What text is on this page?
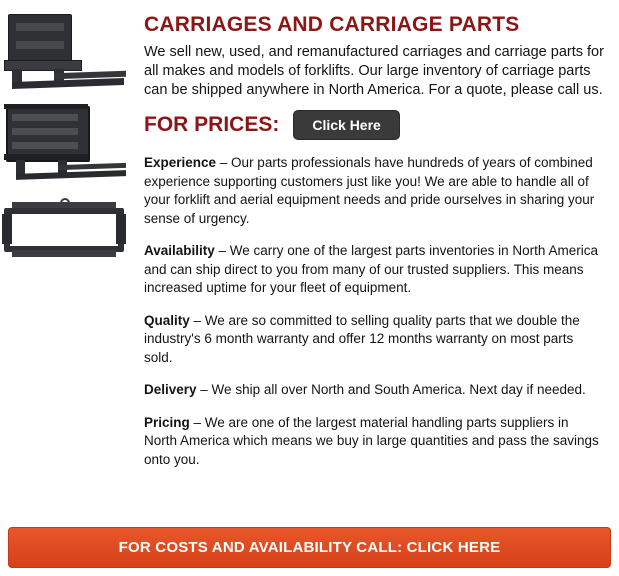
CARRIAGES AND CARRIAGE PARTS

We sell new, used, and remanufactured carriages and carriage parts for all makes and models of forklifts. Our large inventory of carriage parts can be shipped anywhere in North America. For a quote, please call us.

FOR PRICES:	Click Here

Experience – Our parts professionals have hundreds of years of combined experience supporting customers just like you! We are able to handle all of your forklift and aerial equipment needs and pride ourselves in sharing your sense of urgency.

Availability – We carry one of the largest parts inventories in North America and can ship direct to you from many of our trusted suppliers. This means increased uptime for your fleet of equipment.

Quality – We are so committed to selling quality parts that we double the industry's 6 month warranty and offer 12 months warranty on most parts sold.

Delivery – We ship all over North and South America. Next day if needed.

Pricing – We are one of the largest material handling parts suppliers in North America which means we buy in large quantities and pass the savings onto you.

FOR COSTS AND AVAILABILITY CALL: CLICK HERE
